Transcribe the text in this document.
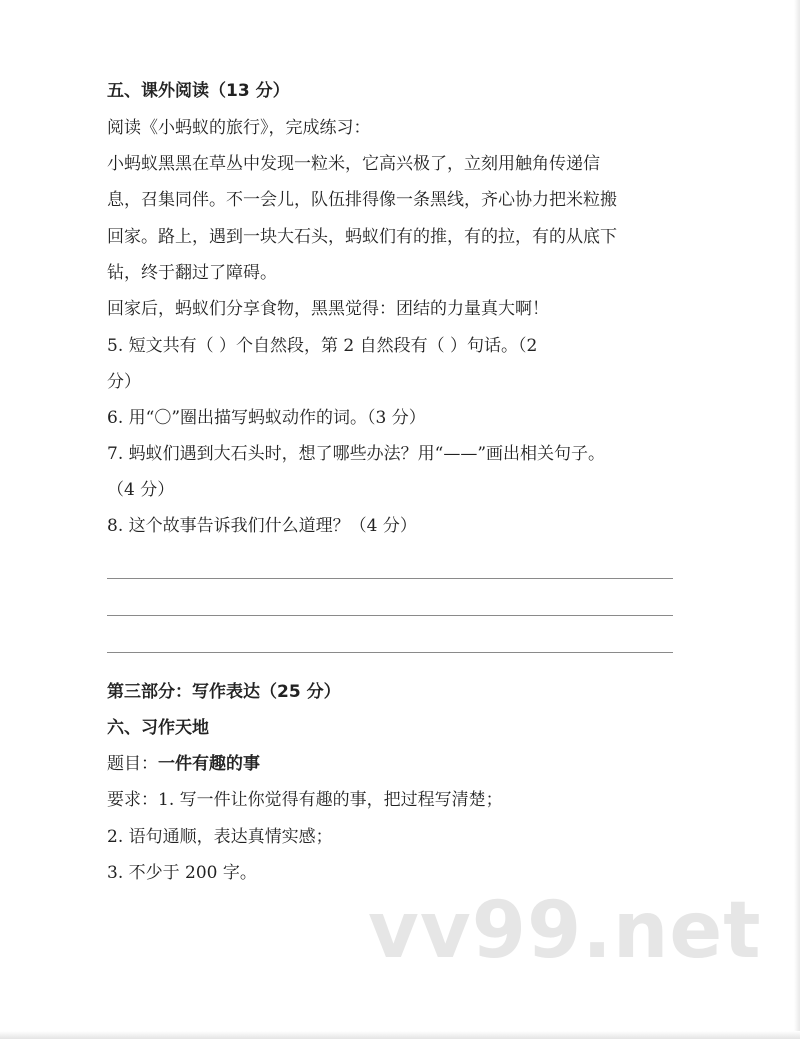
五、课外阅读（13 分）
阅读《小蚂蚁的旅行》，完成练习：
小蚂蚁黑黑在草丛中发现一粒米，它高兴极了，立刻用触角传递信
息，召集同伴。不一会儿，队伍排得像一条黑线，齐心协力把米粒搬
回家。路上，遇到一块大石头，蚂蚁们有的推，有的拉，有的从底下
钻，终于翻过了障碍。
回家后，蚂蚁们分享食物，黑黑觉得：团结的力量真大啊！
5. 短文共有（ ）个自然段，第 2 自然段有（ ）句话。（2
分）
6. 用“〇”圈出描写蚂蚁动作的词。（3 分）
7. 蚂蚁们遇到大石头时，想了哪些办法？用“——”画出相关句子。
（4 分）
8. 这个故事告诉我们什么道理？（4 分）
第三部分：写作表达（25 分）
六、习作天地
题目：一件有趣的事
要求：1. 写一件让你觉得有趣的事，把过程写清楚；
2. 语句通顺，表达真情实感；
3. 不少于 200 字。
vv99.net
